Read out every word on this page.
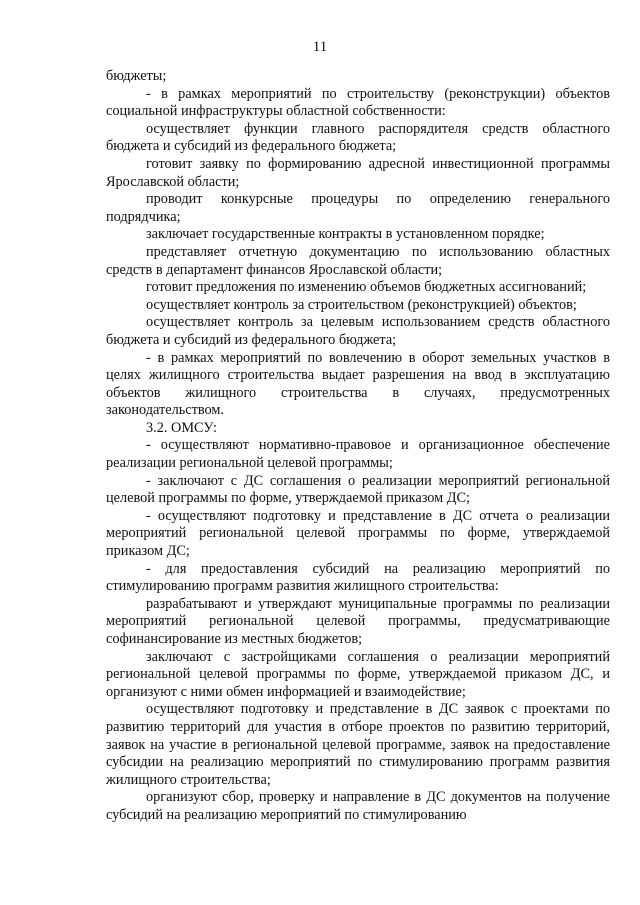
11

бюджеты;

- в рамках мероприятий по строительству (реконструкции) объектов социальной инфраструктуры областной собственности:

осуществляет функции главного распорядителя средств областного бюджета и субсидий из федерального бюджета;

готовит заявку по формированию адресной инвестиционной программы Ярославской области;

проводит конкурсные процедуры по определению генерального подрядчика;

заключает государственные контракты в установленном порядке;

представляет отчетную документацию по использованию областных средств в департамент финансов Ярославской области;

готовит предложения по изменению объемов бюджетных ассигнований;

осуществляет контроль за строительством (реконструкцией) объектов;

осуществляет контроль за целевым использованием средств областного бюджета и субсидий из федерального бюджета;

- в рамках мероприятий по вовлечению в оборот земельных участков в целях жилищного строительства выдает разрешения на ввод в эксплуатацию объектов жилищного строительства в случаях, предусмотренных законодательством.

3.2. ОМСУ:

- осуществляют нормативно-правовое и организационное обеспечение реализации региональной целевой программы;

- заключают с ДС соглашения о реализации мероприятий региональной целевой программы по форме, утверждаемой приказом ДС;

- осуществляют подготовку и представление в ДС отчета о реализации мероприятий региональной целевой программы по форме, утверждаемой приказом ДС;

- для предоставления субсидий на реализацию мероприятий по стимулированию программ развития жилищного строительства:

разрабатывают и утверждают муниципальные программы по реализации мероприятий региональной целевой программы, предусматривающие софинансирование из местных бюджетов;

заключают с застройщиками соглашения о реализации мероприятий региональной целевой программы по форме, утверждаемой приказом ДС, и организуют с ними обмен информацией и взаимодействие;

осуществляют подготовку и представление в ДС заявок с проектами по развитию территорий для участия в отборе проектов по развитию территорий, заявок на участие в региональной целевой программе, заявок на предоставление субсидии на реализацию мероприятий по стимулированию программ развития жилищного строительства;

организуют сбор, проверку и направление в ДС документов на получение субсидий на реализацию мероприятий по стимулированию
